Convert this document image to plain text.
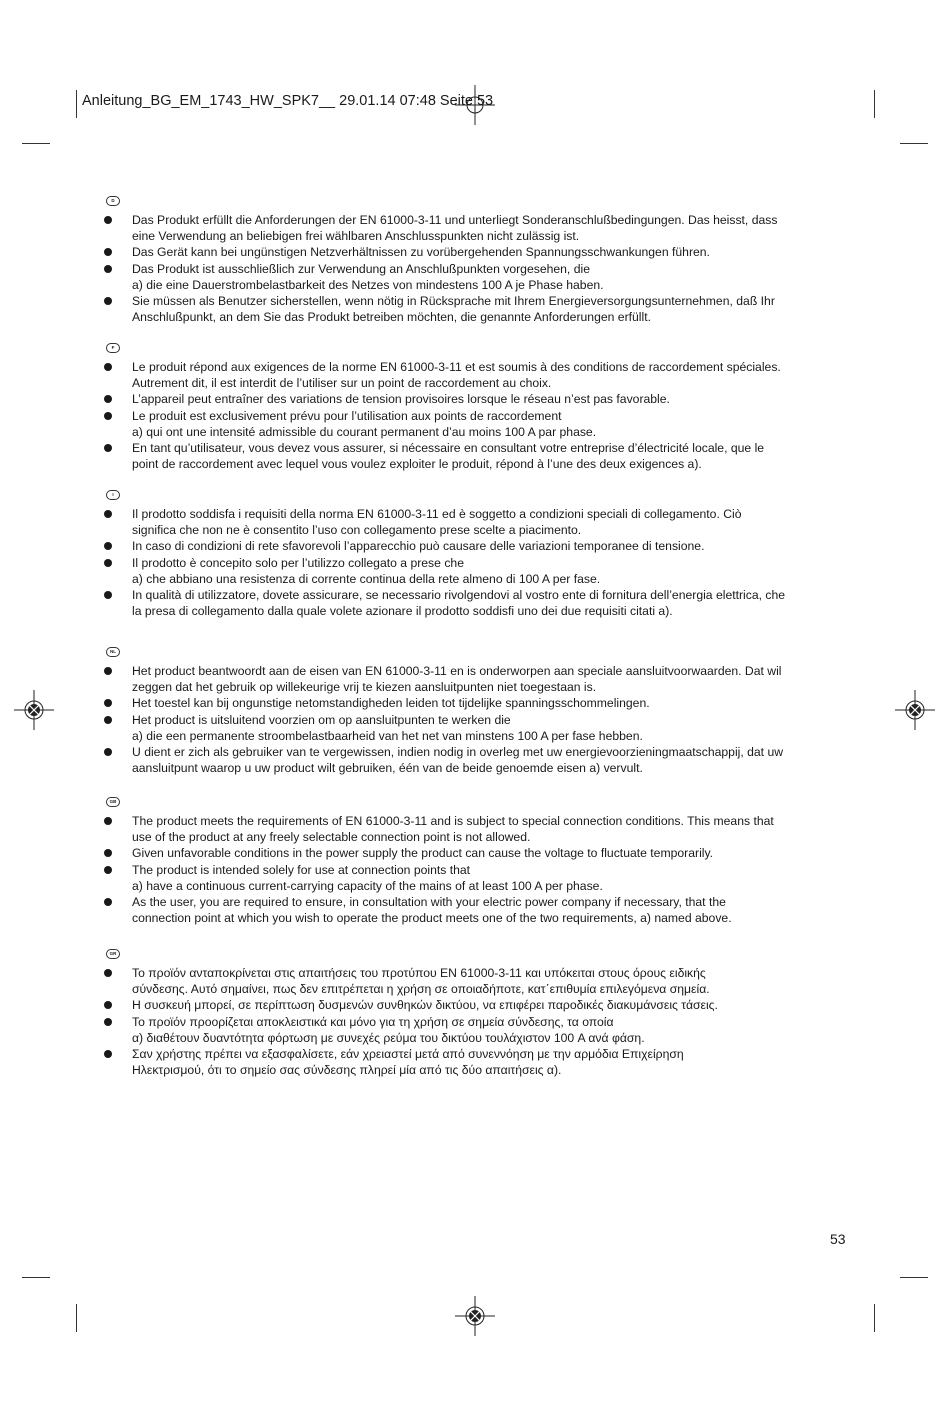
Anleitung_BG_EM_1743_HW_SPK7__ 29.01.14 07:48 Seite 53
D
Das Produkt erfüllt die Anforderungen der EN 61000-3-11 und unterliegt Sonderanschlußbedingungen. Das heisst, dass
eine Verwendung an beliebigen frei wählbaren Anschlusspunkten nicht zulässig ist.
Das Gerät kann bei ungünstigen Netzverhältnissen zu vorübergehenden Spannungsschwankungen führen.
Das Produkt ist ausschließlich zur Verwendung an Anschlußpunkten vorgesehen, die
a) die eine Dauerstrombelastbarkeit des Netzes von mindestens 100 A je Phase haben.
Sie müssen als Benutzer sicherstellen, wenn nötig in Rücksprache mit Ihrem Energieversorgungsunternehmen, daß Ihr
Anschlußpunkt, an dem Sie das Produkt betreiben möchten, die genannte Anforderungen erfüllt.
F
Le produit répond aux exigences de la norme EN 61000-3-11 et est soumis à des conditions de raccordement spéciales.
Autrement dit, il est interdit de l’utiliser sur un point de raccordement au choix.
L’appareil peut entraîner des variations de tension provisoires lorsque le réseau n’est pas favorable.
Le produit est exclusivement prévu pour l’utilisation aux points de raccordement
a) qui ont une intensité admissible du courant permanent d’au moins 100 A par phase.
En tant qu’utilisateur, vous devez vous assurer, si nécessaire en consultant votre entreprise d’électricité locale, que le
point de raccordement avec lequel vous voulez exploiter le produit, répond à l’une des deux exigences a).
I
Il prodotto soddisfa i requisiti della norma EN 61000-3-11 ed è soggetto a condizioni speciali di collegamento. Ciò
significa che non ne è consentito l’uso con collegamento prese scelte a piacimento.
In caso di condizioni di rete sfavorevoli l’apparecchio può causare delle variazioni temporanee di tensione.
Il prodotto è concepito solo per l’utilizzo collegato a prese che
a) che abbiano una resistenza di corrente continua della rete almeno di 100 A per fase.
In qualità di utilizzatore, dovete assicurare, se necessario rivolgendovi al vostro ente di fornitura dell’energia elettrica, che
la presa di collegamento dalla quale volete azionare il prodotto soddisfi uno dei due requisiti citati a).
NL
Het product beantwoordt aan de eisen van EN 61000-3-11 en is onderworpen aan speciale aansluitvoorwaarden. Dat wil
zeggen dat het gebruik op willekeurige vrij te kiezen aansluitpunten niet toegestaan is.
Het toestel kan bij ongunstige netomstandigheden leiden tot tijdelijke spanningsschommelingen.
Het product is uitsluitend voorzien om op aansluitpunten te werken die
a) die een permanente stroombelastbaarheid van het net van minstens 100 A per fase hebben.
U dient er zich als gebruiker van te vergewissen, indien nodig in overleg met uw energievoorzieningmaatschappij, dat uw
aansluitpunt waarop u uw product wilt gebruiken, één van de beide genoemde eisen a) vervult.
GB
The product meets the requirements of EN 61000-3-11 and is subject to special connection conditions. This means that
use of the product at any freely selectable connection point is not allowed.
Given unfavorable conditions in the power supply the product can cause the voltage to fluctuate temporarily.
The product is intended solely for use at connection points that
a) have a continuous current-carrying capacity of the mains of at least 100 A per phase.
As the user, you are required to ensure, in consultation with your electric power company if necessary, that the
connection point at which you wish to operate the product meets one of the two requirements, a) named above.
GR
Το προϊόν ανταποκρίνεται στις απαιτήσεις του προτύπου EN 61000-3-11 και υπόκειται στους όρους ειδικής
σύνδεσης. Αυτό σημαίνει, πως δεν επιτρέπεται η χρήση σε οποιαδήποτε, κατ΄επιθυμία επιλεγόμενα σημεία.
Η συσκευή μπορεί, σε περίπτωση δυσμενών συνθηκών δικτύου, να επιφέρει παροδικές διακυμάνσεις τάσεις.
Το προϊόν προορίζεται αποκλειστικά και μόνο για τη χρήση σε σημεία σύνδεσης, τα οποία
α) διαθέτουν δυαντότητα φόρτωση με συνεχές ρεύμα του δικτύου τουλάχιστον 100 A ανά φάση.
Σαν χρήστης πρέπει να εξασφαλίσετε, εάν χρειαστεί μετά από συνεννόηση με την αρμόδια Επιχείρηση
Ηλεκτρισμού, ότι το σημείο σας σύνδεσης πληρεί μία από τις δύο απαιτήσεις α).
53
